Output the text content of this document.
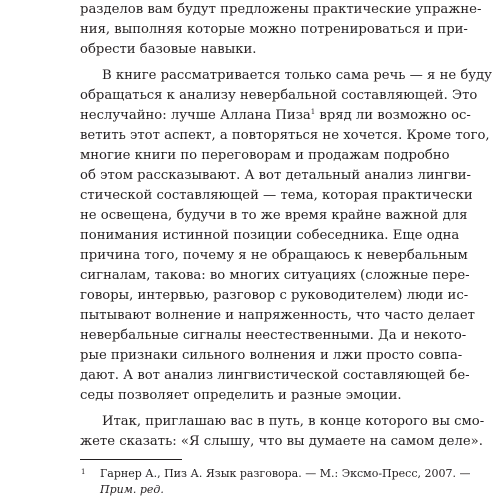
разделов вам будут предложены практические упражне-
ния, выполняя которые можно потренироваться и при-
обрести базовые навыки.

В книге рассматривается только сама речь — я не буду
обращаться к анализу невербальной составляющей. Это
неслучайно: лучше Аллана Пиза$^1$ вряд ли возможно ос-
ветить этот аспект, а повторяться не хочется. Кроме того,
многие книги по переговорам и продажам подробно
об этом рассказывают. А вот детальный анализ лингви-
стической составляющей — тема, которая практически
не освещена, будучи в то же время крайне важной для
понимания истинной позиции собеседника. Еще одна
причина того, почему я не обращаюсь к невербальным
сигналам, такова: во многих ситуациях (сложные пере-
говоры, интервью, разговор с руководителем) люди ис-
пытывают волнение и напряженность, что часто делает
невербальные сигналы неестественными. Да и некото-
рые признаки сильного волнения и лжи просто совпа-
дают. А вот анализ лингвистической составляющей бе-
седы позволяет определить и разные эмоции.

Итак, приглашаю вас в путь, в конце которого вы смо-
жете сказать: «Я слышу, что вы думаете на самом деле».

1	Гарнер А., Пиз А. Язык разговора. — М.: Эксмо-Пресс, 2007. —
Прим. ред.
